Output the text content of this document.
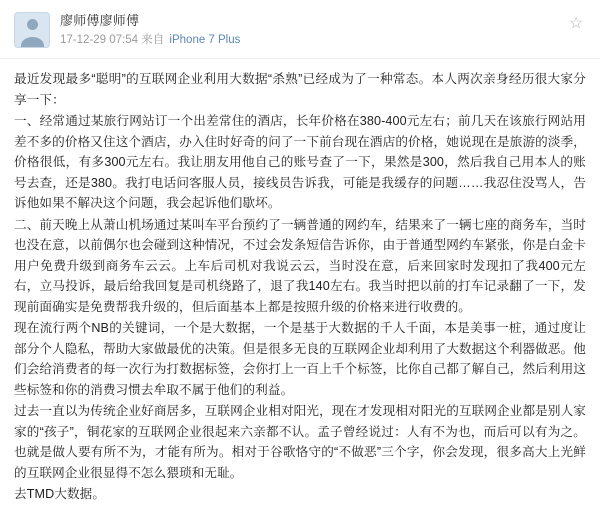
廖师傅廖师傅
17-12-29 07:54 来自 iPhone 7 Plus
☆

最近发现最多“聪明”的互联网企业利用大数据“杀熟”已经成为了一种常态。本人两次亲身经历很大家分享一下：

一、经常通过某旅行网站订一个出差常住的酒店，长年价格在380-400元左右；前几天在该旅行网站用差不多的价格又住这个酒店，办入住时好奇的问了一下前台现在酒店的价格，她说现在是旅游的淡季，价格很低，有多300元左右。我让朋友用他自己的账号查了一下，果然是300，然后我自己用本人的账号去查，还是380。我打电话问客服人员，接线员告诉我，可能是我缓存的问题……我忍住没骂人，告诉他如果不解决这个问题，我会起诉他们歇坏。

二、前天晚上从萧山机场通过某叫车平台预约了一辆普通的网约车，结果来了一辆七座的商务车，当时也没在意，以前偶尔也会碰到这种情况，不过会发条短信告诉你，由于普通型网约车紧张，你是白金卡用户免费升级到商务车云云。上车后司机对我说云云，当时没在意，后来回家时发现扣了我400元左右，立马投诉，最后给我回复是司机绕路了，退了我140左右。我当时把以前的打车记录翻了一下，发现前面确实是免费帮我升级的，但后面基本上都是按照升级的价格来进行收费的。

现在流行两个NB的关键词，一个是大数据，一个是基于大数据的千人千面，本是美事一桩，通过度让部分个人隐私，帮助大家做最优的决策。但是很多无良的互联网企业却利用了大数据这个利器做恶。他们会给消费者的每一次行为打数据标签，会你打上一百上千个标签，比你自己都了解自己，然后利用这些标签和你的消费习惯去牟取不属于他们的利益。

过去一直以为传统企业好商居多，互联网企业相对阳光，现在才发现相对阳光的互联网企业都是别人家家的“孩子”，铜花家的互联网企业很起来六亲都不认。孟子曾经说过：人有不为也，而后可以有为之。也就是做人要有所不为，才能有所为。相对于谷歌恪守的“不做恶”三个字，你会发现，很多高大上光鲜的互联网企业很显得不怎么猥琐和无耻。

去TMD大数据。
